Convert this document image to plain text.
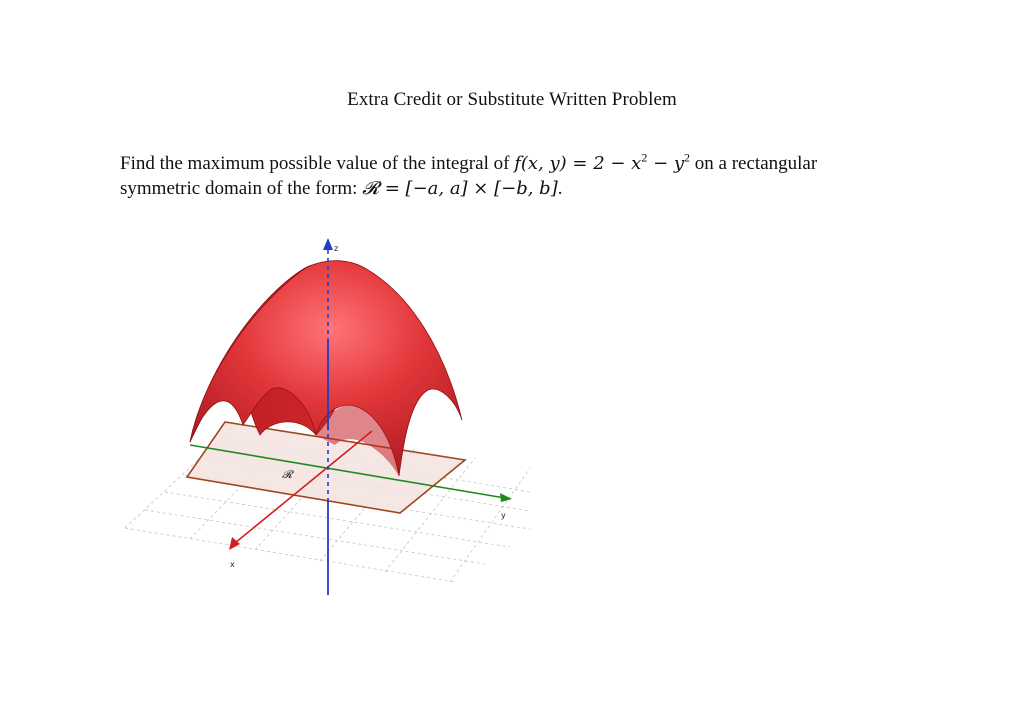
Extra Credit or Substitute Written Problem
Find the maximum possible value of the integral of f(x, $y) = 2 - x^2 - y^2$ on a rectangular
symmetric domain of the form: 𝓡 = [−a, a] × [−b, b].
𝓡
y
x
z
